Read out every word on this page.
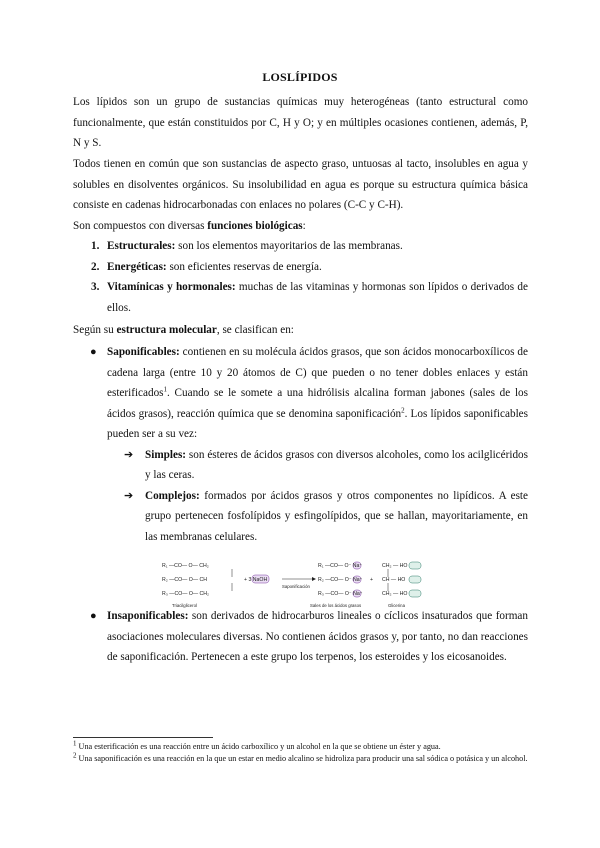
LOSLÍPIDOS

Los lípidos son un grupo de sustancias químicas muy heterogéneas (tanto estructural como funcionalmente, que están constituidos por C, H y O; y en múltiples ocasiones contienen, además, P, N y S.

Todos tienen en común que son sustancias de aspecto graso, untuosas al tacto, insolubles en agua y solubles en disolventes orgánicos. Su insolubilidad en agua es porque su estructura química básica consiste en cadenas hidrocarbonadas con enlaces no polares (C-C y C-H).

Son compuestos con diversas funciones biológicas:

1. Estructurales: son los elementos mayoritarios de las membranas.
2. Energéticas: son eficientes reservas de energía.
3. Vitamínicas y hormonales: muchas de las vitaminas y hormonas son lípidos o derivados de ellos.

Según su estructura molecular, se clasifican en:

● Saponificables: contienen en su molécula ácidos grasos, que son ácidos monocarboxílicos de cadena larga (entre 10 y 20 átomos de C) que pueden o no tener dobles enlaces y están esterificados$^1$. Cuando se le somete a una hidrólisis alcalina forman jabones (sales de los ácidos grasos), reacción química que se denomina saponificación$^2$. Los lípidos saponificables pueden ser a su vez:
➔ Simples: son ésteres de ácidos grasos con diversos alcoholes, como los acilglicéridos y las ceras.
➔ Complejos: formados por ácidos grasos y otros componentes no lipídicos. A este grupo pertenecen fosfolípidos y esfingolípidos, que se hallan, mayoritariamente, en las membranas celulares.
R₁ —CO— O— CH₂
R₂ —CO— O— CH
R₃ —CO— O— CH₂
+ 3 NaOH
Saponificación
R₁ —CO— O⁻ Na⁺
R₂ —CO— O⁻ Na⁺
R₃ —CO— O⁻ Na⁺
+
CH₂ — HO
CH — HO
CH₂ — HO
Triacilglicerol	Sales de los ácidos grasos	Glicerina
● Insaponificables: son derivados de hidrocarburos lineales o cíclicos insaturados que forman asociaciones moleculares diversas. No contienen ácidos grasos y, por tanto, no dan reacciones de saponificación. Pertenecen a este grupo los terpenos, los esteroides y los eicosanoides.

$^1$ Una esterificación es una reacción entre un ácido carboxílico y un alcohol en la que se obtiene un éster y agua.

$^2$ Una saponificación es una reacción en la que un estar en medio alcalino se hidroliza para producir una sal sódica o potásica y un alcohol.
